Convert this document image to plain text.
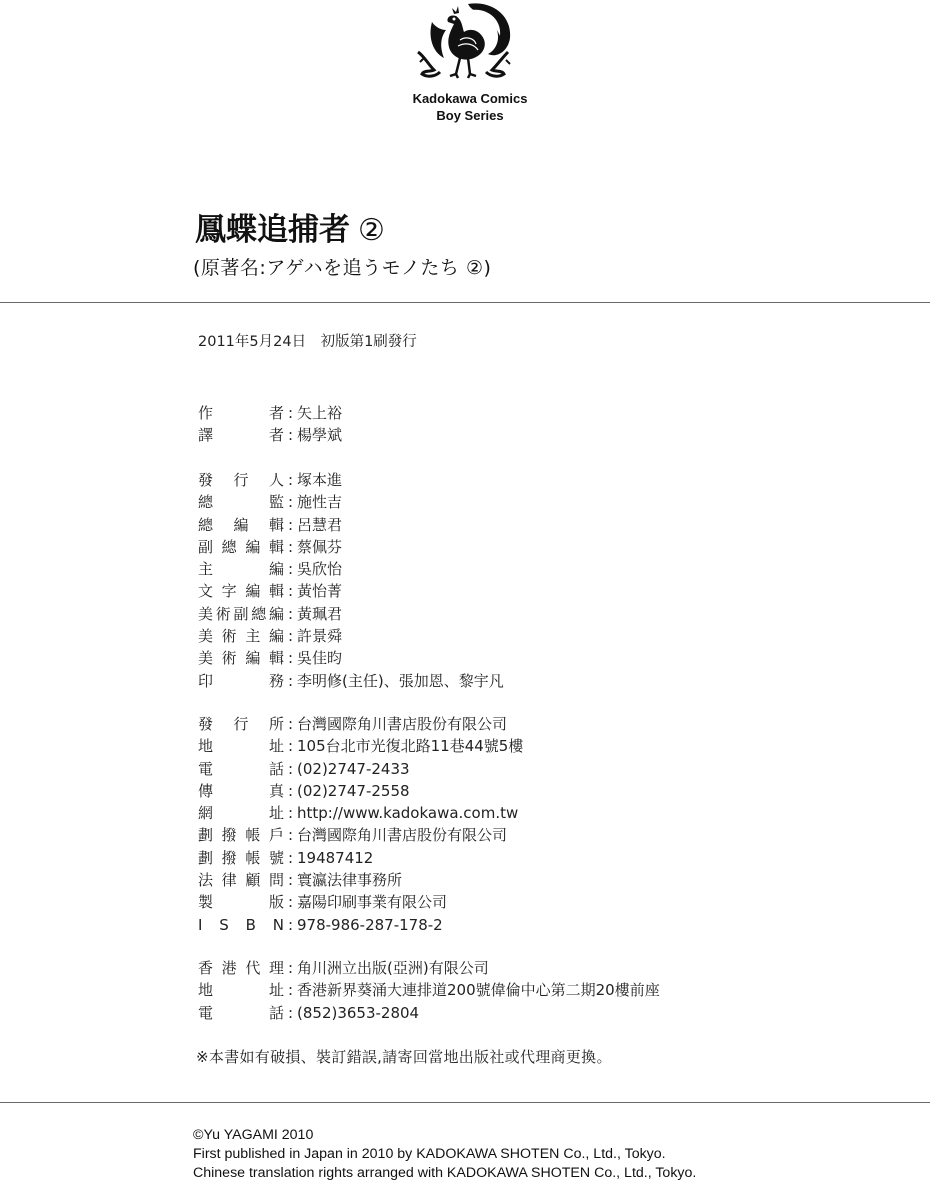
Kadokawa Comics
Boy Series
鳳蝶追捕者 ②
(原著名:アゲハを追うモノたち ②)
2011年5月24日　初版第1刷發行
作	者 : 矢上裕
譯	者 : 楊學斌
發 行 人 : 塚本進
總	監 : 施性吉
總 編 輯 : 呂慧君
副 總 編 輯 : 蔡佩芬
主	編 : 吳欣怡
文 字 編 輯 : 黃怡菁
美 術 副 總 編 : 黃珮君
美 術 主 編 : 許景舜
美 術 編 輯 : 吳佳昀
印	務 : 李明修(主任)、張加恩、黎宇凡
發 行 所 : 台灣國際角川書店股份有限公司
地	址 : 105台北市光復北路11巷44號5樓
電	話 : (02)2747-2433
傳	真 : (02)2747-2558
網	址 : http://www.kadokawa.com.tw
劃 撥 帳 戶 : 台灣國際角川書店股份有限公司
劃 撥 帳 號 : 19487412
法 律 顧 問 : 寰瀛法律事務所
製	版 : 嘉陽印刷事業有限公司
I S B N : 978-986-287-178-2
香 港 代 理 : 角川洲立出版(亞洲)有限公司
地	址 : 香港新界葵涌大連排道200號偉倫中心第二期20樓前座
電	話 : (852)3653-2804
※本書如有破損、裝訂錯誤,請寄回當地出版社或代理商更換。
©Yu YAGAMI 2010
First published in Japan in 2010 by KADOKAWA SHOTEN Co., Ltd., Tokyo.
Chinese translation rights arranged with KADOKAWA SHOTEN Co., Ltd., Tokyo.
